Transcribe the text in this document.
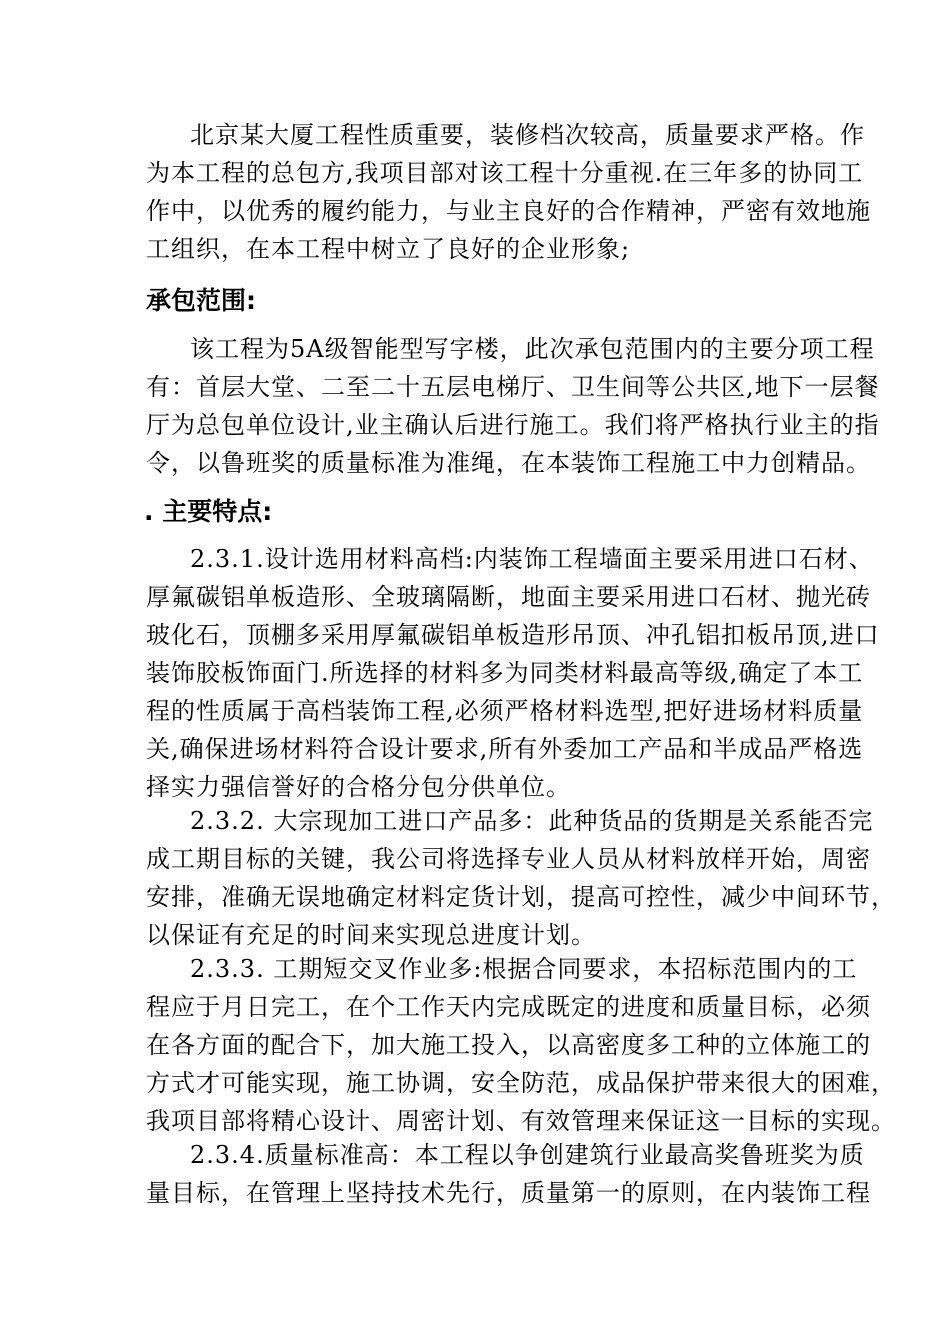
北京某大厦工程性质重要，装修档次较高，质量要求严格。作

为本工程的总包方,我项目部对该工程十分重视.在三年多的协同工

作中，以优秀的履约能力，与业主良好的合作精神，严密有效地施

工组织，在本工程中树立了良好的企业形象;

承包范围:

该工程为5A级智能型写字楼，此次承包范围内的主要分项工程

有：首层大堂、二至二十五层电梯厅、卫生间等公共区,地下一层餐

厅为总包单位设计,业主确认后进行施工。我们将严格执行业主的指

令，以鲁班奖的质量标准为准绳，在本装饰工程施工中力创精品。

. 主要特点:

2.3.1.设计选用材料高档:内装饰工程墙面主要采用进口石材、

厚氟碳铝单板造形、全玻璃隔断，地面主要采用进口石材、抛光砖

玻化石，顶棚多采用厚氟碳铝单板造形吊顶、冲孔铝扣板吊顶,进口

装饰胶板饰面门.所选择的材料多为同类材料最高等级,确定了本工

程的性质属于高档装饰工程,必须严格材料选型,把好进场材料质量

关,确保进场材料符合设计要求,所有外委加工产品和半成品严格选

择实力强信誉好的合格分包分供单位。

2.3.2. 大宗现加工进口产品多：此种货品的货期是关系能否完

成工期目标的关键，我公司将选择专业人员从材料放样开始，周密

安排，准确无误地确定材料定货计划，提高可控性，减少中间环节，

以保证有充足的时间来实现总进度计划。

2.3.3. 工期短交叉作业多:根据合同要求，本招标范围内的工

程应于月日完工，在个工作天内完成既定的进度和质量目标，必须

在各方面的配合下，加大施工投入，以高密度多工种的立体施工的

方式才可能实现，施工协调，安全防范，成品保护带来很大的困难，

我项目部将精心设计、周密计划、有效管理来保证这一目标的实现。

2.3.4.质量标准高：本工程以争创建筑行业最高奖鲁班奖为质

量目标，在管理上坚持技术先行，质量第一的原则，在内装饰工程
